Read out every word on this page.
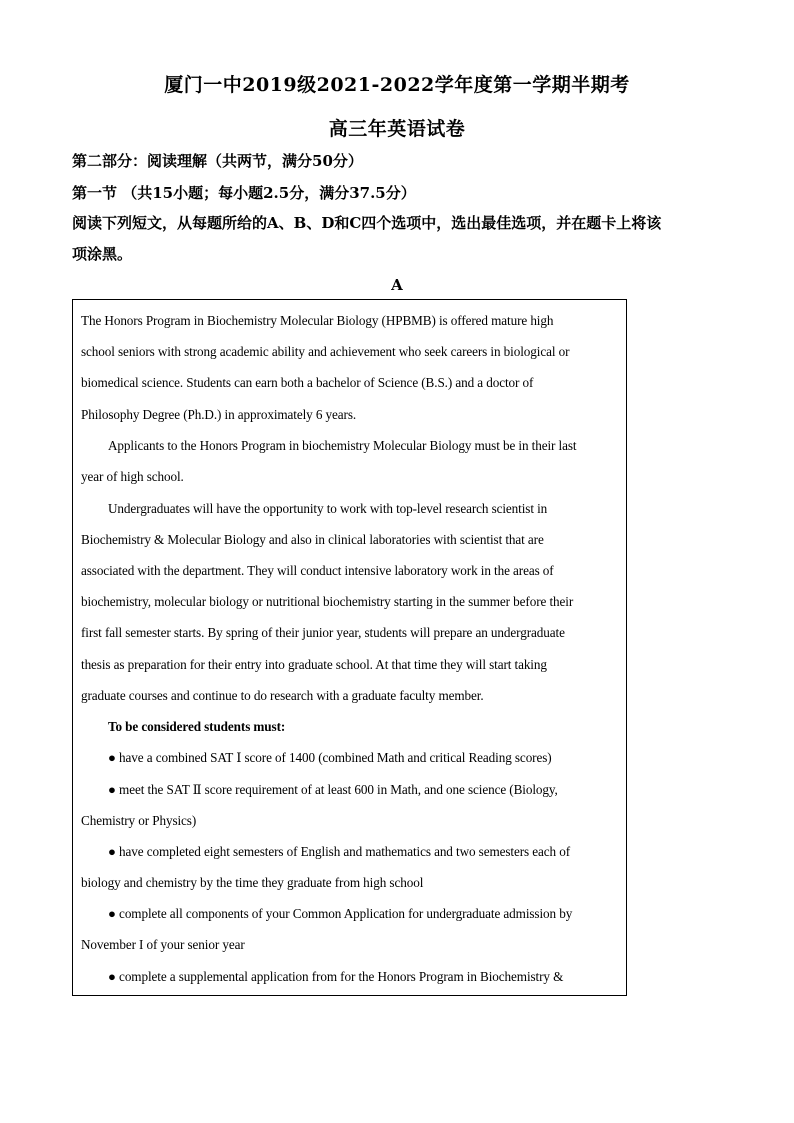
厦门一中2019级2021-2022学年度第一学期半期考
高三年英语试卷
第二部分：阅读理解（共两节，满分50分）
第一节 （共15小题；每小题2.5分，满分37.5分）
阅读下列短文，从每题所给的A、B、D和C四个选项中，选出最佳选项，并在题卡上将该
项涂黑。
A
The Honors Program in Biochemistry Molecular Biology (HPBMB) is offered mature high
school seniors with strong academic ability and achievement who seek careers in biological or
biomedical science. Students can earn both a bachelor of Science (B.S.) and a doctor of
Philosophy Degree (Ph.D.) in approximately 6 years.
Applicants to the Honors Program in biochemistry Molecular Biology must be in their last
year of high school.
Undergraduates will have the opportunity to work with top-level research scientist in
Biochemistry & Molecular Biology and also in clinical laboratories with scientist that are
associated with the department. They will conduct intensive laboratory work in the areas of
biochemistry, molecular biology or nutritional biochemistry starting in the summer before their
first fall semester starts. By spring of their junior year, students will prepare an undergraduate
thesis as preparation for their entry into graduate school. At that time they will start taking
graduate courses and continue to do research with a graduate faculty member.
To be considered students must:
● have a combined SAT Ⅰ score of 1400 (combined Math and critical Reading scores)
● meet the SAT Ⅱ score requirement of at least 600 in Math, and one science (Biology,
Chemistry or Physics)
● have completed eight semesters of English and mathematics and two semesters each of
biology and chemistry by the time they graduate from high school
● complete all components of your Common Application for undergraduate admission by
November I of your senior year
● complete a supplemental application from for the Honors Program in Biochemistry &
